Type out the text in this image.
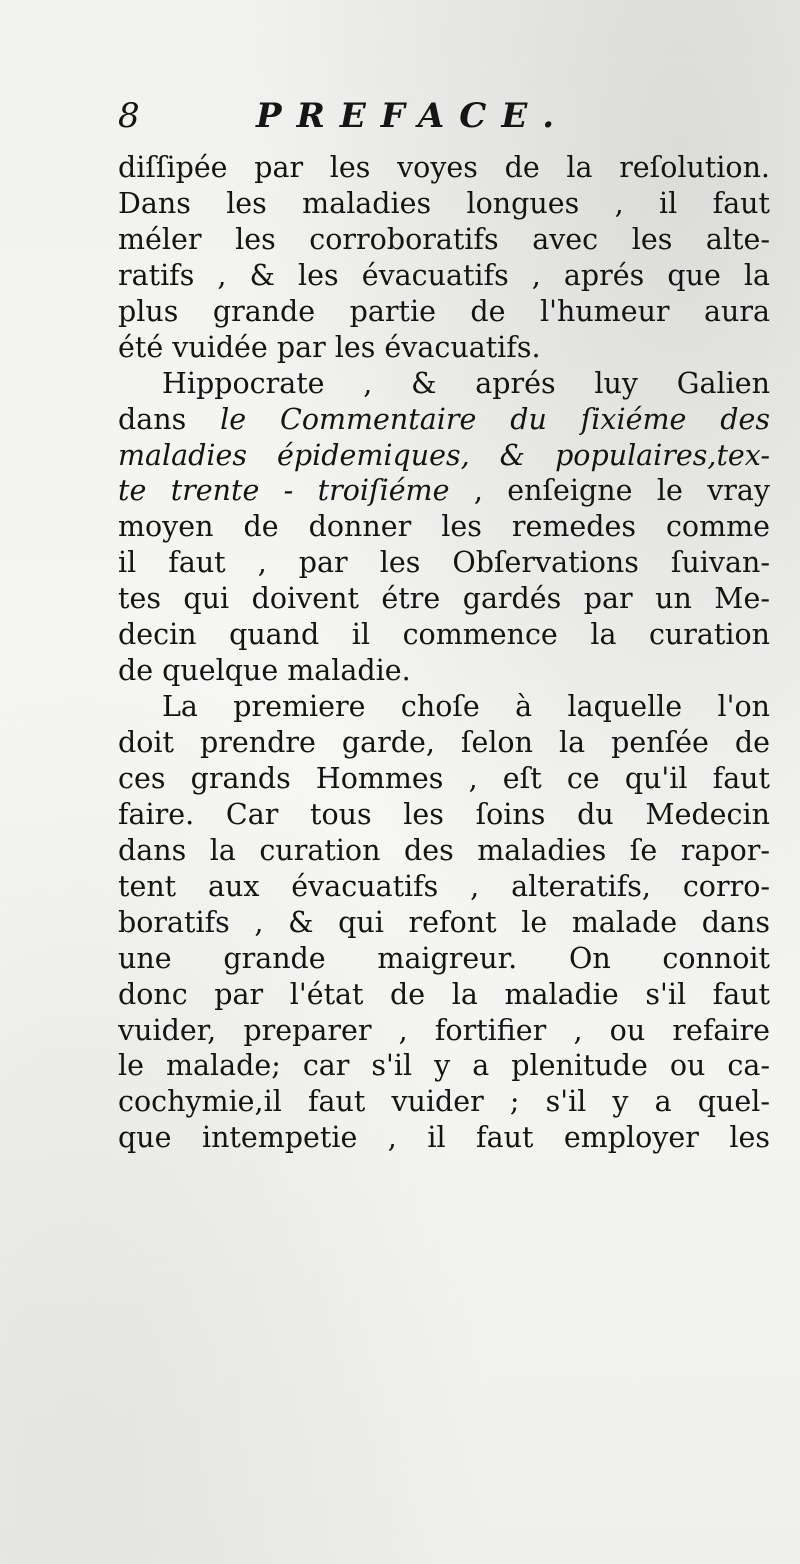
8	PREFACE.
diſſipée par les voyes de la reſolution.
Dans les maladies longues , il faut
méler les corroboratifs avec les alte-
ratifs , & les évacuatifs , aprés que la
plus grande partie de l'humeur aura
été vuidée par les évacuatifs.
Hippocrate , & aprés luy Galien
dans le Commentaire du ſixiéme des
maladies épidemiques, & populaires,tex-
te trente - troiſiéme , enſeigne le vray
moyen de donner les remedes comme
il faut , par les Obſervations ſuivan-
tes qui doivent étre gardés par un Me-
decin quand il commence la curation
de quelque maladie.
La premiere choſe à laquelle l'on
doit prendre garde, ſelon la penſée de
ces grands Hommes , eſt ce qu'il faut
faire. Car tous les ſoins du Medecin
dans la curation des maladies ſe rapor-
tent aux évacuatifs , alteratifs, corro-
boratifs , & qui refont le malade dans
une grande maigreur. On connoit
donc par l'état de la maladie s'il faut
vuider, preparer , fortifier , ou refaire
le malade; car s'il y a plenitude ou ca-
cochymie,il faut vuider ; s'il y a quel-
que intempetie , il faut employer les
